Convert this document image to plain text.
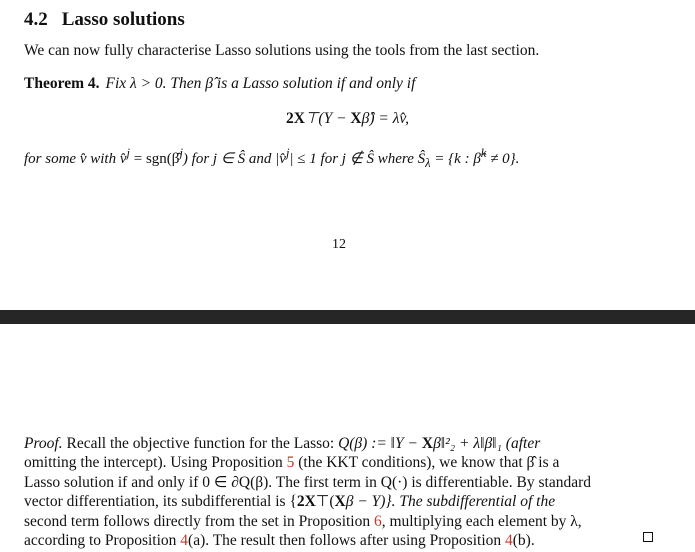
4.2 Lasso solutions
We can now fully characterise Lasso solutions using the tools from the last section.
Theorem 4. Fix λ > 0. Then β̂ is a Lasso solution if and only if
2X⊤(Y − Xβ̂) = λv̂,
for some v̂ with v̂$^j$ = sgn(β̂$^j$) for j ∈ Ŝ and |v̂$^j$| ≤ 1 for j ∉ Ŝ where $Ŝ_\lambda = \{k$ : β̂$^k$ ≠ 0}.
12
Proof. Recall the objective function for the Lasso: Q(β) := ‖Y − Xβ‖²₂ + λ‖β‖₁ (after
omitting the intercept). Using Proposition 5 (the KKT conditions), we know that β̂ is a
Lasso solution if and only if 0 ∈ ∂Q(β). The first term in Q(·) is differentiable. By standard
vector differentiation, its subdifferential is {2X⊤(Xβ − Y)}. The subdifferential of the
second term follows directly from the set in Proposition 6, multiplying each element by λ,
according to Proposition 4(a). The result then follows after using Proposition 4(b).
